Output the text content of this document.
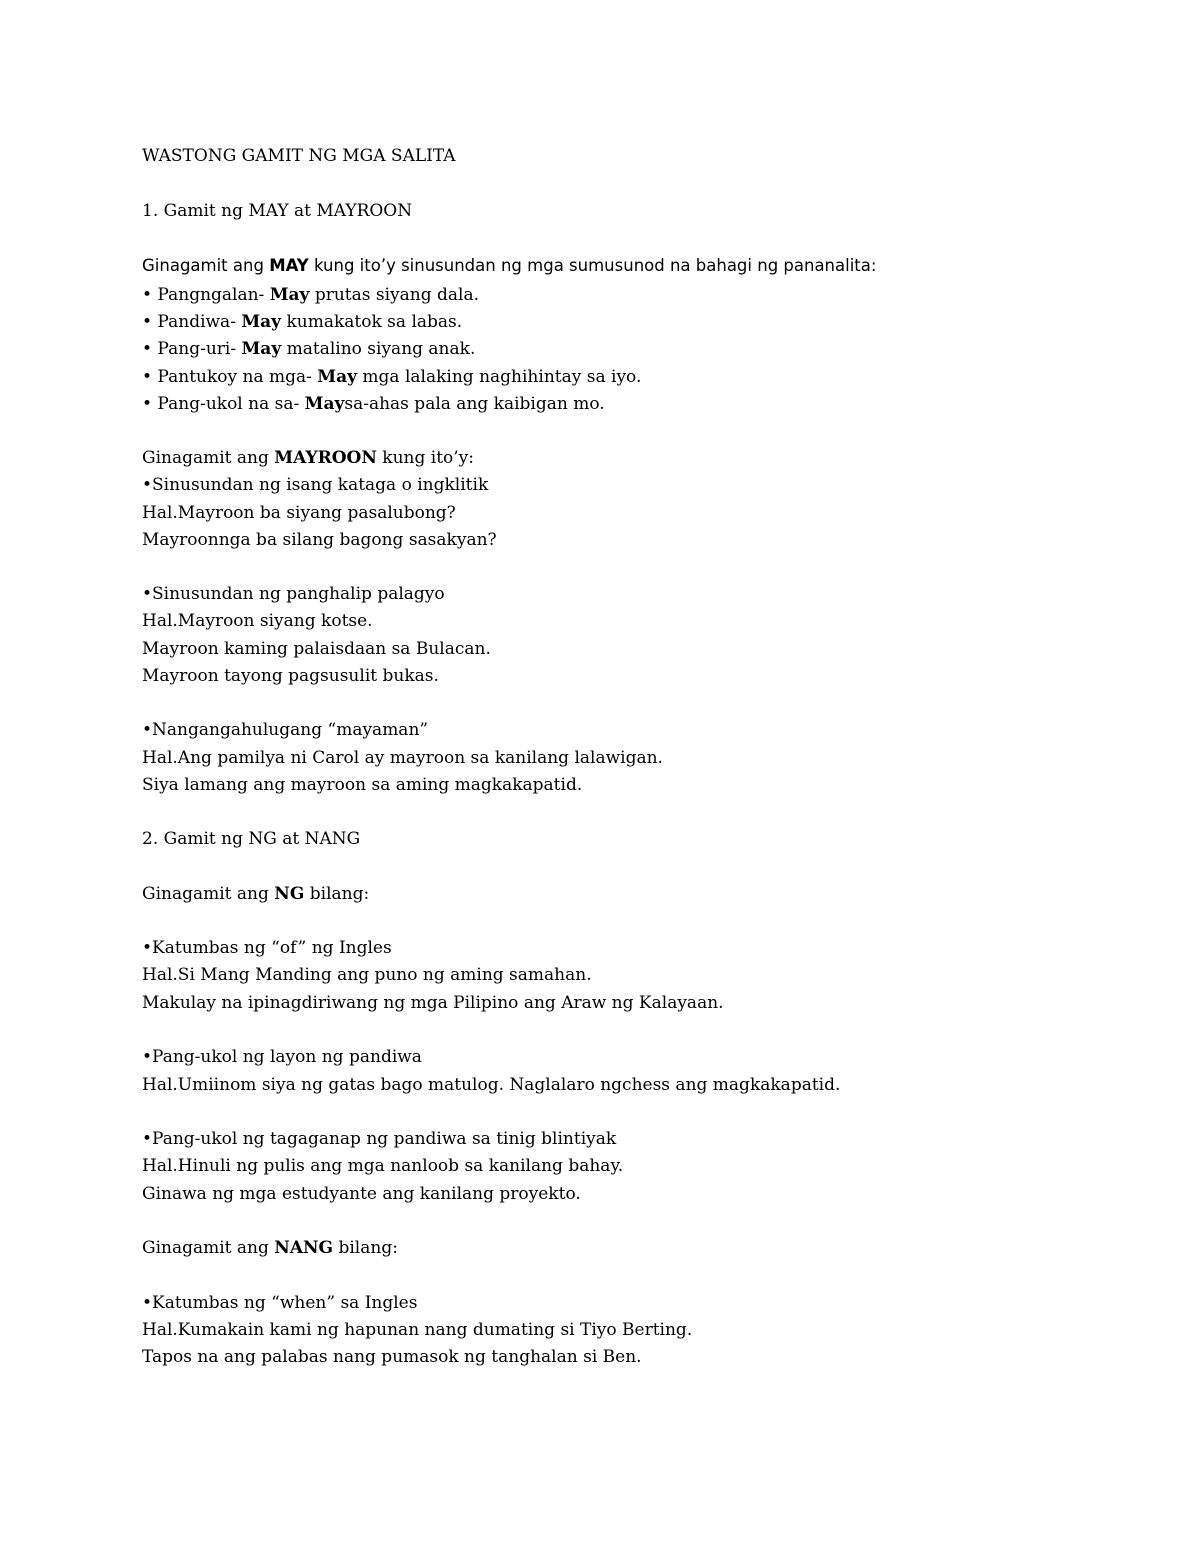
WASTONG GAMIT NG MGA SALITA

1. Gamit ng MAY at MAYROON

Ginagamit ang MAY kung ito’y sinusundan ng mga sumusunod na bahagi ng pananalita:

• Pangngalan- May prutas siyang dala.

• Pandiwa- May kumakatok sa labas.

• Pang-uri- May matalino siyang anak.

• Pantukoy na mga- May mga lalaking naghihintay sa iyo.

• Pang-ukol na sa- Maysa-ahas pala ang kaibigan mo.

Ginagamit ang MAYROON kung ito’y:

•Sinusundan ng isang kataga o ingklitik

Hal.Mayroon ba siyang pasalubong?

Mayroonnga ba silang bagong sasakyan?

•Sinusundan ng panghalip palagyo

Hal.Mayroon siyang kotse.

Mayroon kaming palaisdaan sa Bulacan.

Mayroon tayong pagsusulit bukas.

•Nangangahulugang “mayaman”

Hal.Ang pamilya ni Carol ay mayroon sa kanilang lalawigan.

Siya lamang ang mayroon sa aming magkakapatid.

2. Gamit ng NG at NANG

Ginagamit ang NG bilang:

•Katumbas ng “of” ng Ingles

Hal.Si Mang Manding ang puno ng aming samahan.

Makulay na ipinagdiriwang ng mga Pilipino ang Araw ng Kalayaan.

•Pang-ukol ng layon ng pandiwa

Hal.Umiinom siya ng gatas bago matulog. Naglalaro ngchess ang magkakapatid.

•Pang-ukol ng tagaganap ng pandiwa sa tinig blintiyak

Hal.Hinuli ng pulis ang mga nanloob sa kanilang bahay.

Ginawa ng mga estudyante ang kanilang proyekto.

Ginagamit ang NANG bilang:

•Katumbas ng “when” sa Ingles

Hal.Kumakain kami ng hapunan nang dumating si Tiyo Berting.

Tapos na ang palabas nang pumasok ng tanghalan si Ben.
